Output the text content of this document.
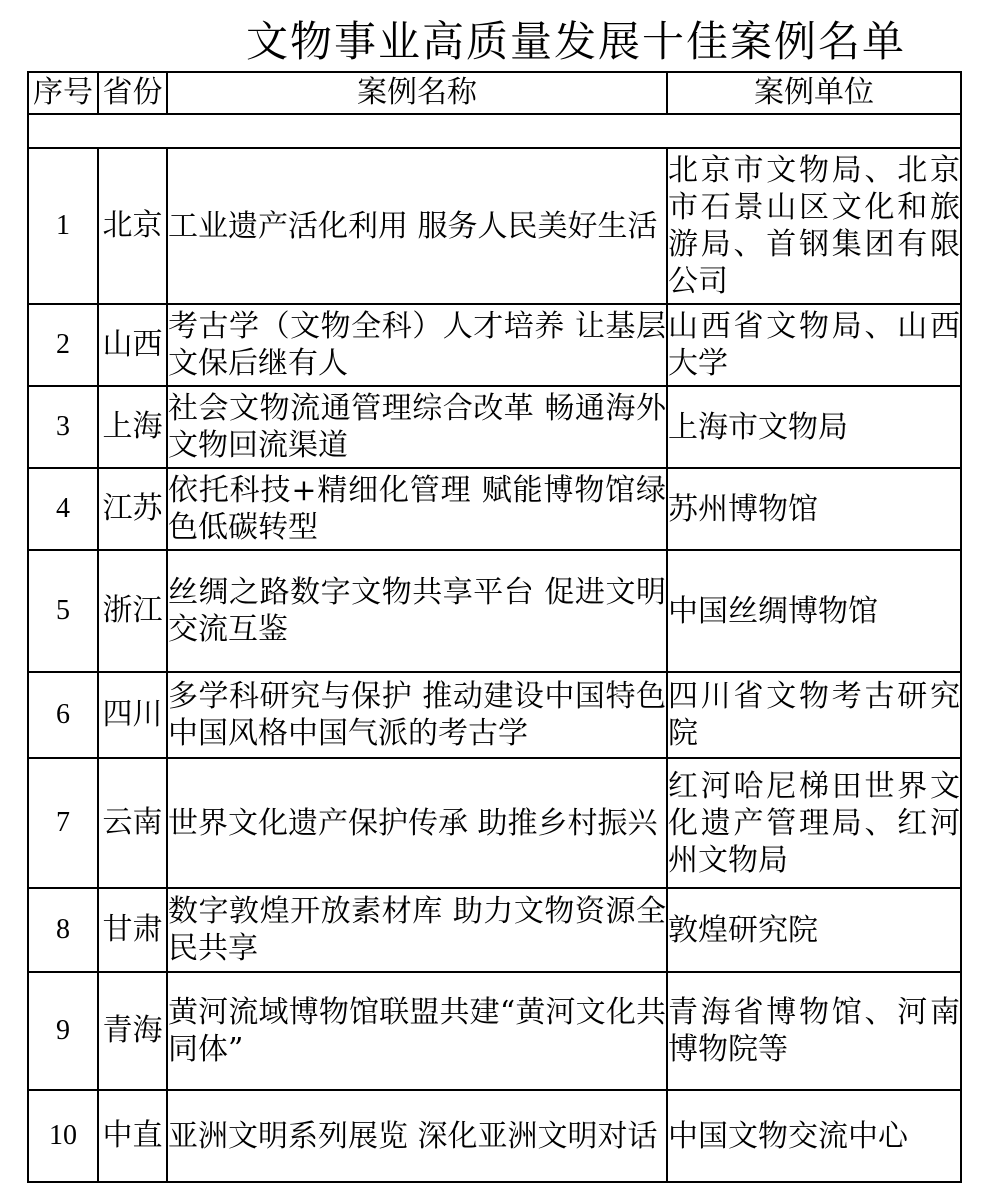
文物事业高质量发展十佳案例名单
序号	省份	案例名称	案例单位

1	北京	工业遗产活化利用 服务人民美好生活	北京市文物局、北京市石景山区文化和旅游局、首钢集团有限公司
2	山西	考古学（文物全科）人才培养 让基层文保后继有人	山西省文物局、山西大学
3	上海	社会文物流通管理综合改革 畅通海外文物回流渠道	上海市文物局
4	江苏	依托科技+精细化管理 赋能博物馆绿色低碳转型	苏州博物馆
5	浙江	丝绸之路数字文物共享平台 促进文明交流互鉴	中国丝绸博物馆
6	四川	多学科研究与保护 推动建设中国特色中国风格中国气派的考古学	四川省文物考古研究院
7	云南	世界文化遗产保护传承 助推乡村振兴	红河哈尼梯田世界文化遗产管理局、红河州文物局
8	甘肃	数字敦煌开放素材库 助力文物资源全民共享	敦煌研究院
9	青海	黄河流域博物馆联盟共建“黄河文化共同体”	青海省博物馆、河南博物院等
10	中直	亚洲文明系列展览 深化亚洲文明对话	中国文物交流中心
